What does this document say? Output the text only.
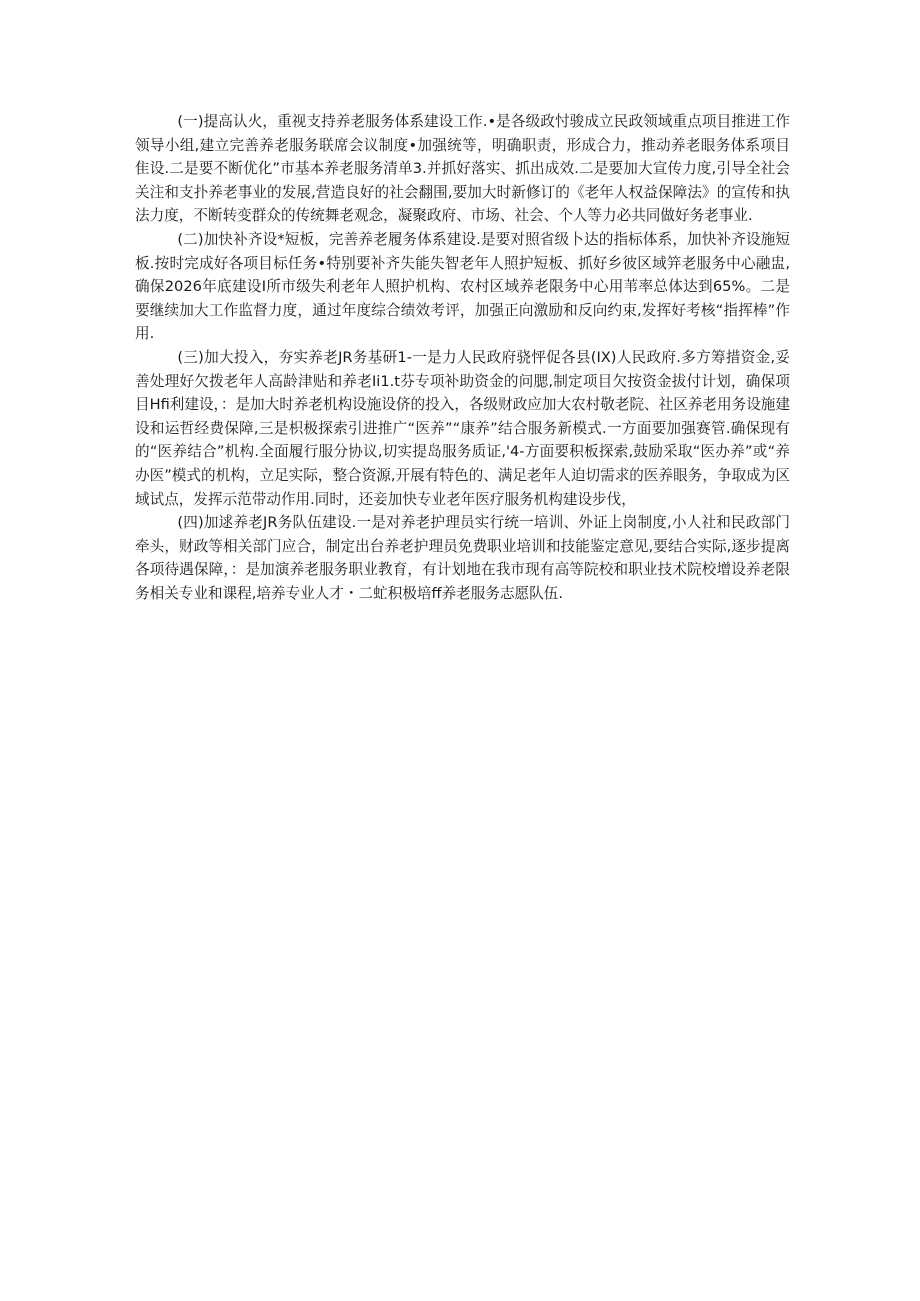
(一)提高认火，重视支持养老服务体系建设工作.•是各级政忖骏成立民政领域重点项目推进工作领导小组,建立完善养老服务联席会议制度•加强统等，明确职责，形成合力，推动养老眼务体系项目隹设.二是要不断优化”市基本养老服务清单3.并抓好落实、抓出成效.二是要加大宣传力度,引导全社会关注和支扑养老事业的发展,营造良好的社会翻围,要加大时新修订的《老年人权益保障法》的宣传和执法力度，不断转变群众的传统舞老观念，凝聚政府、市场、社会、个人等力必共同做好务老事业.

(二)加快补齐设*短板，完善养老履务体系建设.是要对照省级卜达的指标体系，加快补齐设施短板.按时完成好各项目标任务•特别要补齐失能失智老年人照护短板、抓好乡彼区域笄老服务中心融盅,确保2026年底建设I所市级失利老年人照护机构、农村区域养老限务中心用苇率总体达到65%。二是要继续加大工作监督力度，通过年度综合绩效考评，加强正向激励和反向约束,发挥好考核“指挥棒”作用.

(三)加大投入，夯实养老JR务基研1-一是力人民政府骁怦促各县(IX)人民政府.多方筹措资金,妥善处理好欠拨老年人高龄津贴和养老Ii1.t芬专项补助资金的问腮,制定项目欠按资金拔付计划，确保项目Hfi利建设，：是加大时养老机构设施设侪的投入，各级财政应加大农村敬老院、社区养老用务设施建设和运哲经费保障,三是枳极探索引进推广“医养”“康养”结合服务新模式.一方面要加强赛管.确保现有的“医养结合”机构.全面履行服分协议,切实提岛服务质证,'4-方面要积板探索,鼓励采取“医办养”或“养办医”模式的机构，立足实际，整合资源,开展有特色的、满足老年人迫切需求的医养眼务，争取成为区域试点，发挥示范带动作用.同时，还妾加快专业老年医疗服务机构建设步伐，

(四)加逑养老JR务队伍建设.一是对养老护理员实行统一培训、外证上岗制度,小人社和民政部门牵头，财政等相关部门应合，制定出台养老护理员免费职业培训和技能鉴定意见,要结合实际,逐步提离各项待遇保障，：是加演养老服务职业教育，有计划地在我市现有高等院校和职业技术院校增设养老限务相关专业和课程,培养专业人才・二虻积极培ff养老服务志愿队伍.
